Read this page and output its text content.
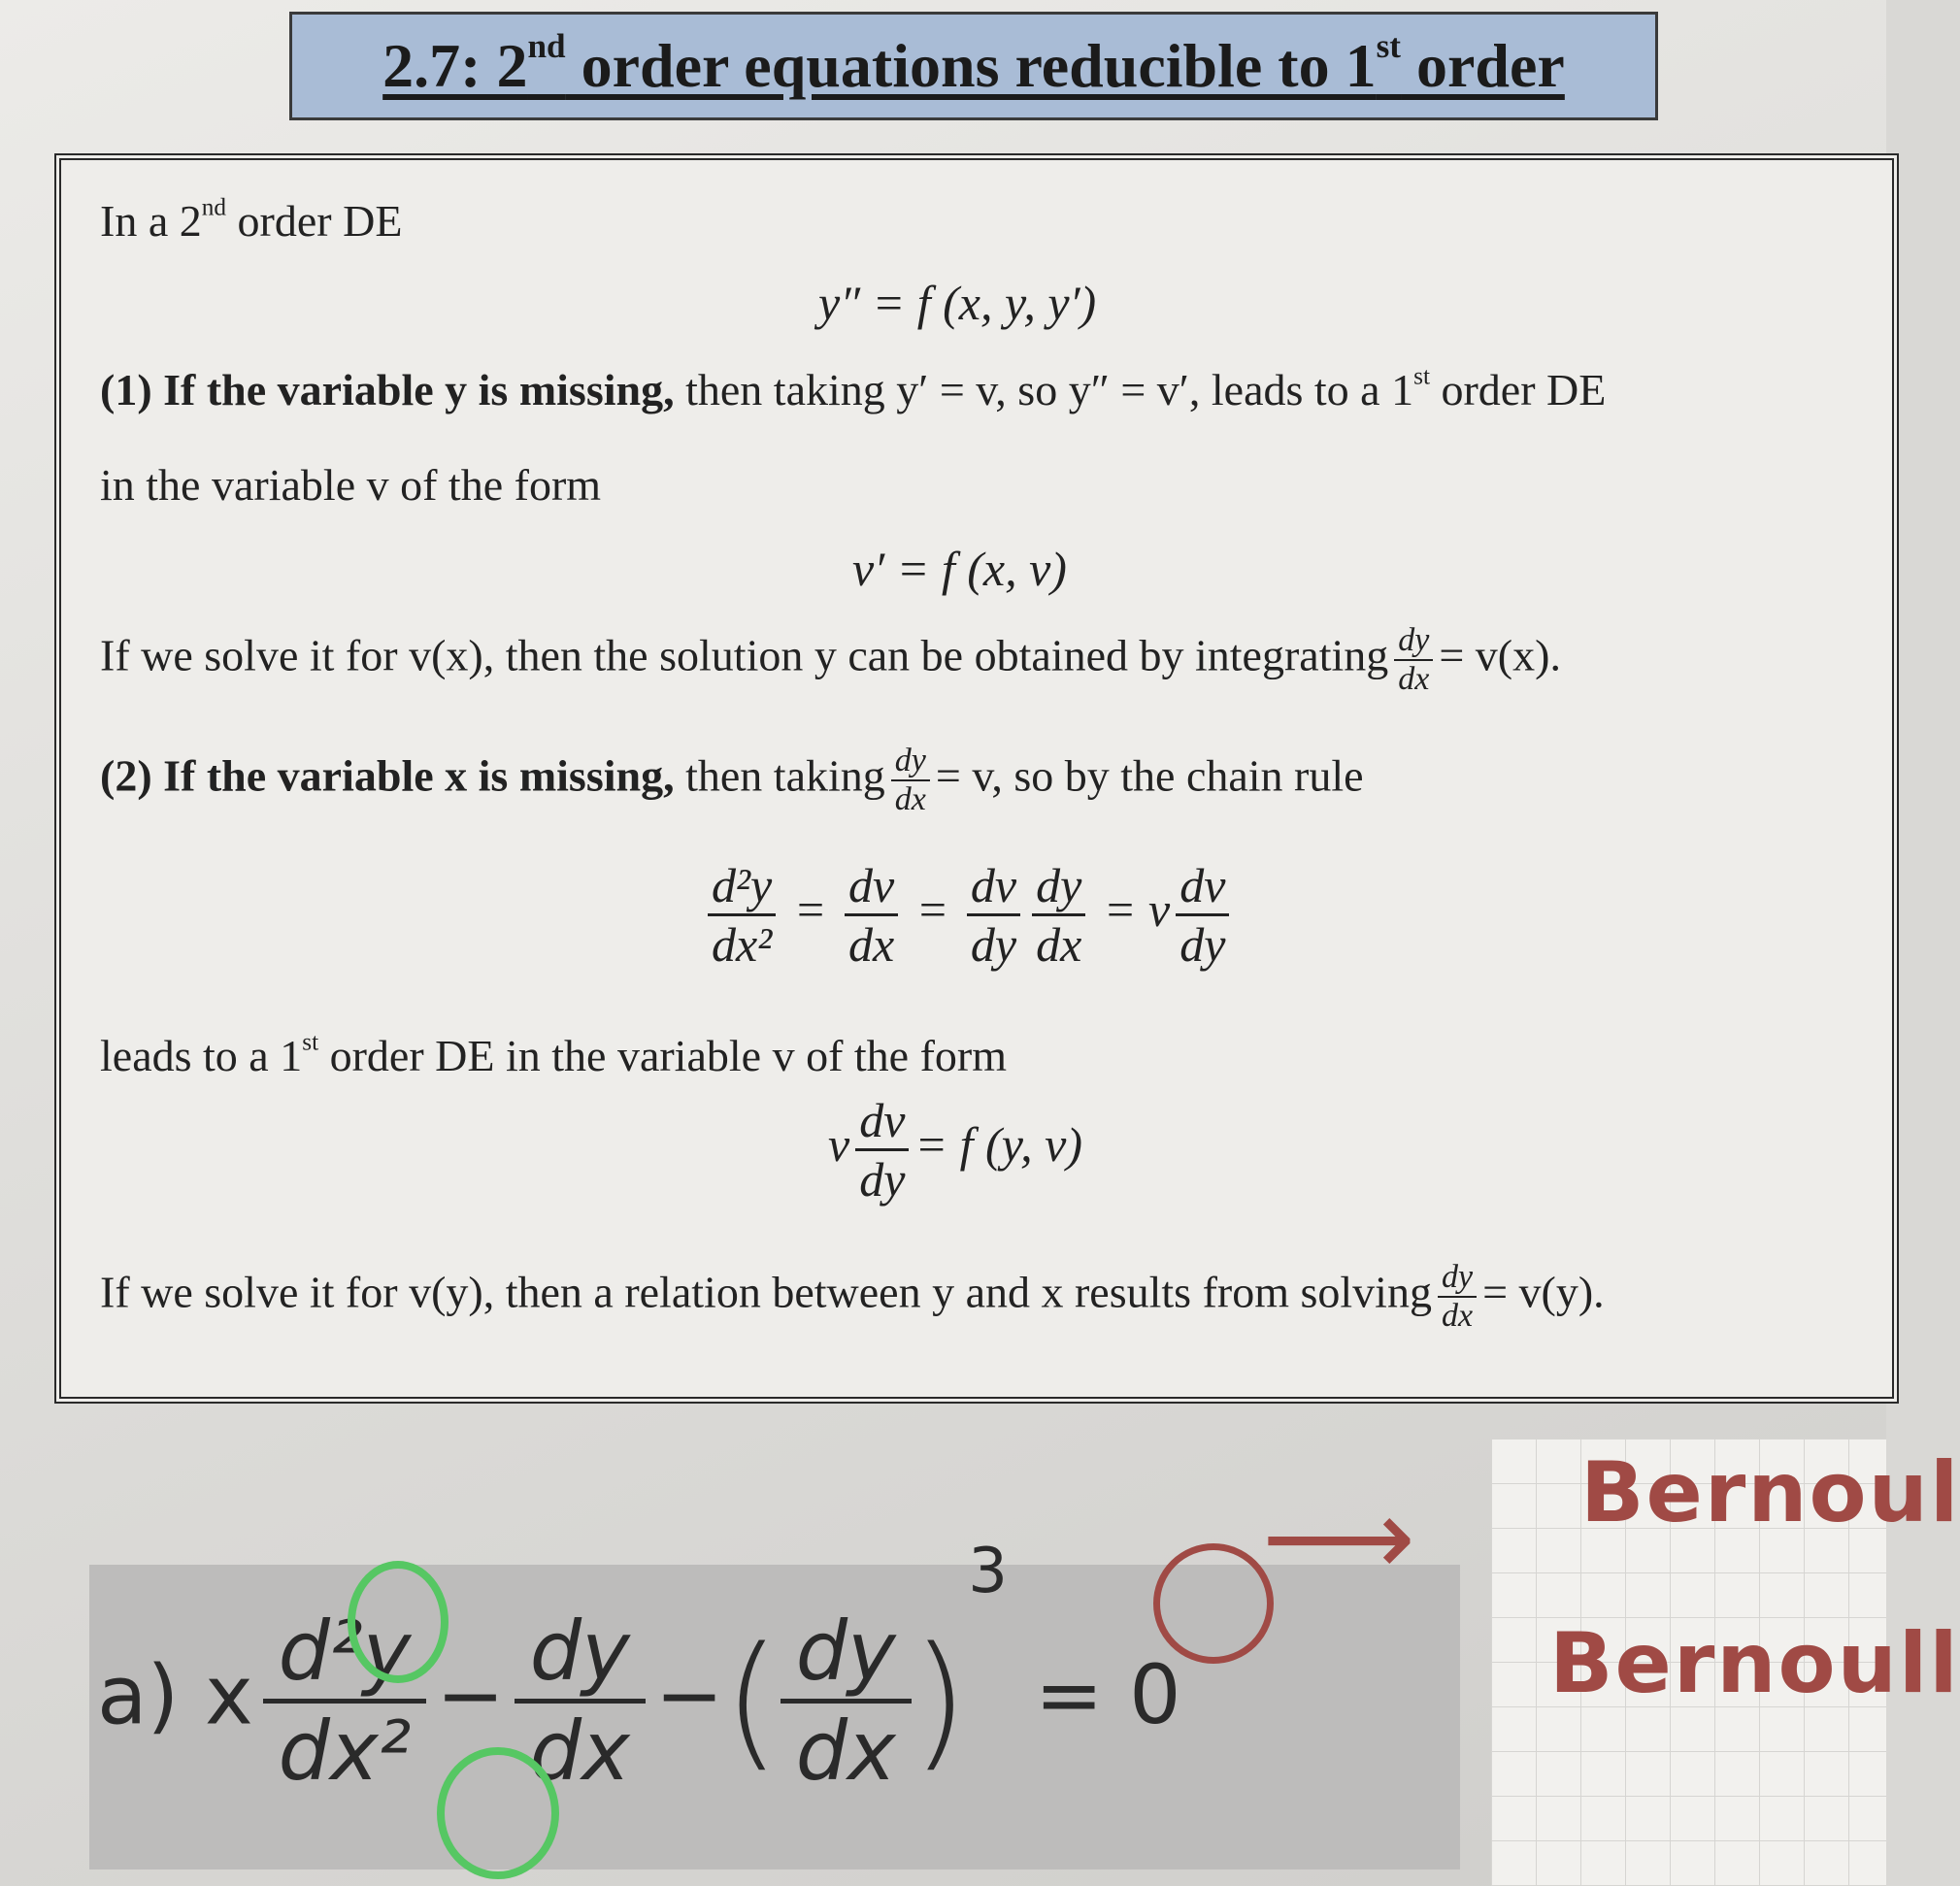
2.7: 2nd order equations reducible to 1st order
In a 2nd order DE
y″ = f (x, y, y′)
(1) If the variable y is missing, then taking y′ = v, so y″ = v′, leads to a 1st order DE
in the variable v of the form
v′ = f (x, v)
If we solve it for v(x), then the solution y can be obtained by integrating $\frac{dy}{dx} = v(x)$.
(2) If the variable x is missing, then taking $\frac{dy}{dx} = v$, so by the chain rule
$\frac{\text{d²y}}{\text{dx²}} = \frac{dv}{dx} = \frac{dv}{dy} \frac{dy}{dx} = v \frac{dv}{dy}$
leads to a 1st order DE in the variable v of the form
v $\frac{dv}{dy} = f$ (y, v)
If we solve it for v(y), then a relation between y and x results from solving $\frac{dy}{dx} = v(y)$.
a) x $\frac{\text{d²y}}{\text{dx²}} - \frac{dy}{dx}$ −( $\frac{dy}{dx} )^3= 0$
⟶ Bernoul
Bernoull
